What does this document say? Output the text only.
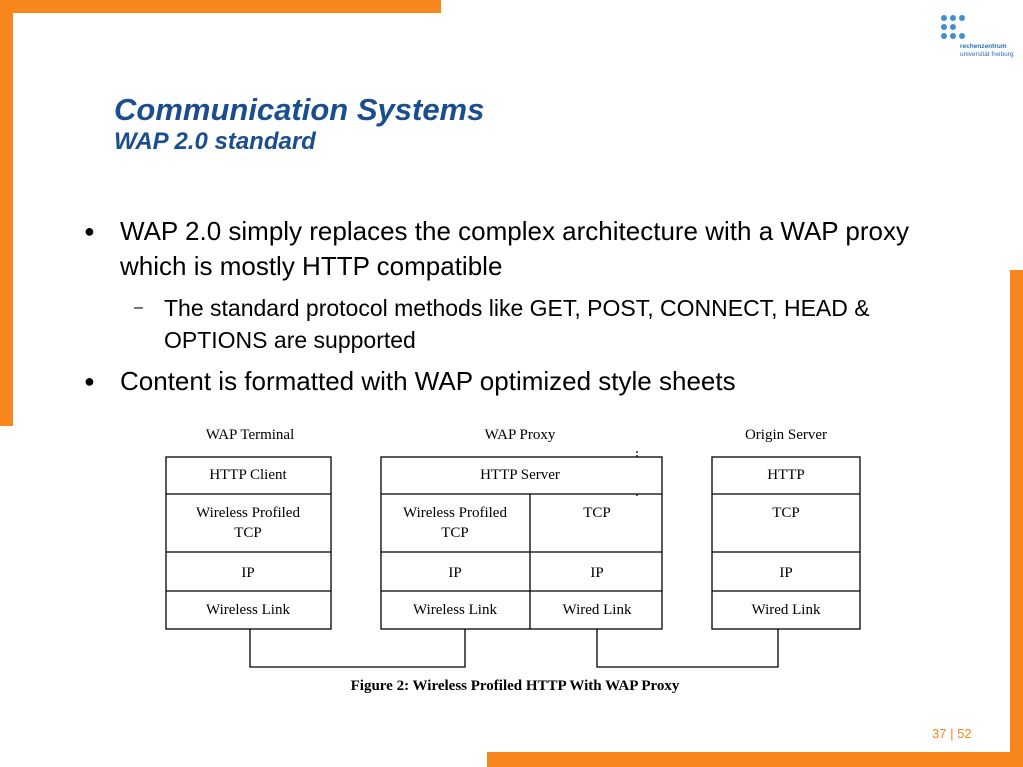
rechenzentrum
universität freiburg
Communication Systems
WAP 2.0 standard
● WAP 2.0 simply replaces the complex architecture with a WAP proxy which is mostly HTTP compatible
– The standard protocol methods like GET, POST, CONNECT, HEAD & OPTIONS are supported
● Content is formatted with WAP optimized style sheets
WAP Terminal	WAP Proxy	Origin Server
HTTP Client
Wireless Profiled TCP
IP
Wireless Link
HTTP Server
Wireless Profiled TCP
IP
Wireless Link
TCP
IP
Wired Link
HTTP
TCP
IP
Wired Link
Figure 2: Wireless Profiled HTTP With WAP Proxy
37 | 52
